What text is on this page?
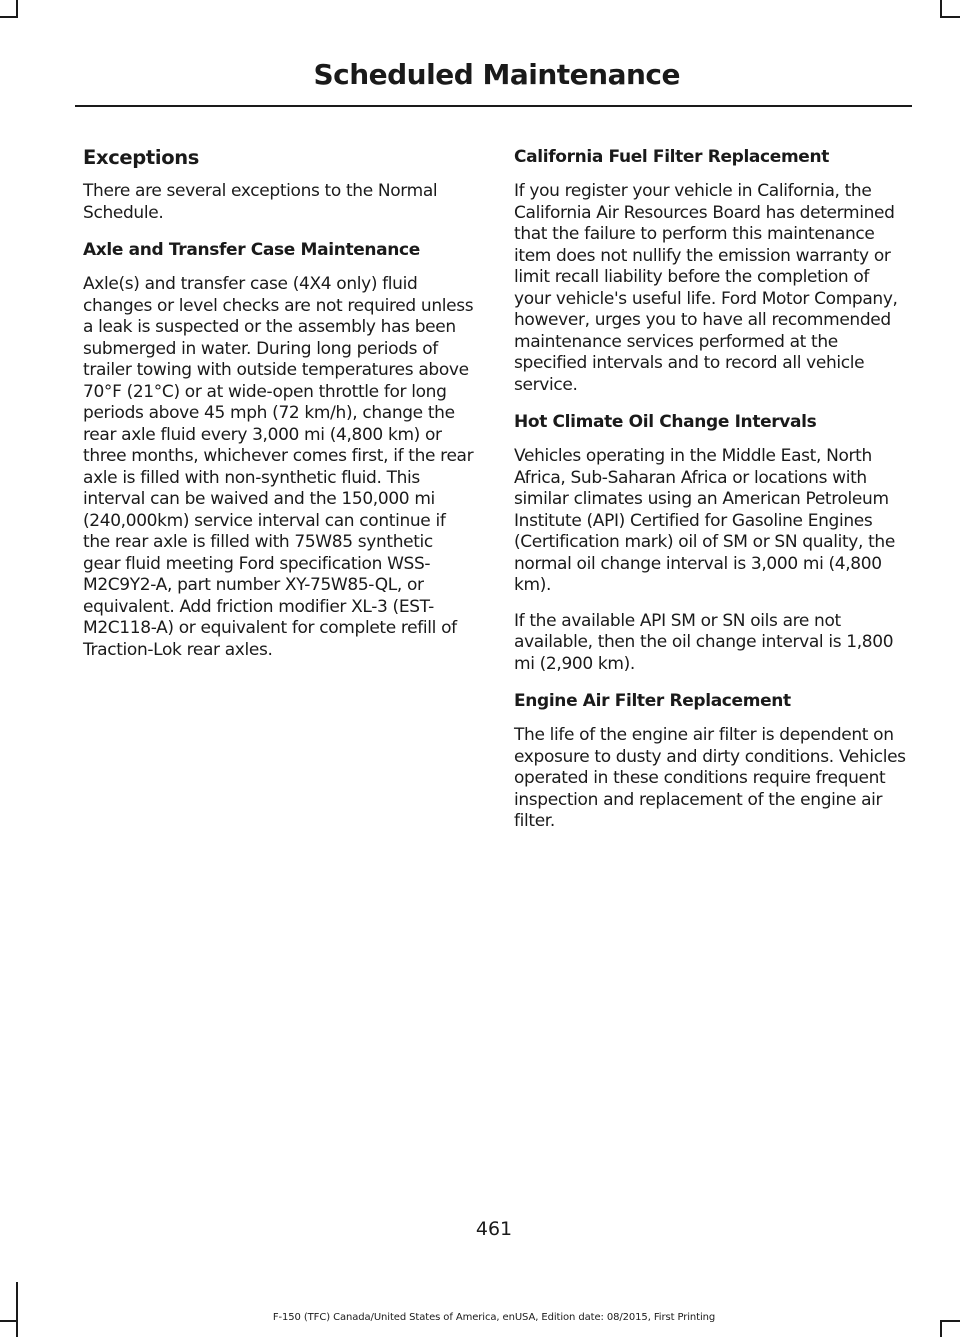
Scheduled Maintenance
Exceptions
There are several exceptions to the Normal Schedule.
Axle and Transfer Case Maintenance
Axle(s) and transfer case (4X4 only) fluid changes or level checks are not required unless a leak is suspected or the assembly has been submerged in water. During long periods of trailer towing with outside temperatures above 70°F (21°C) or at wide-open throttle for long periods above 45 mph (72 km/h), change the rear axle fluid every 3,000 mi (4,800 km) or three months, whichever comes first, if the rear axle is filled with non-synthetic fluid. This interval can be waived and the 150,000 mi (240,000km) service interval can continue if the rear axle is filled with 75W85 synthetic gear fluid meeting Ford specification WSS-M2C9Y2-A, part number XY-75W85-QL, or equivalent. Add friction modifier XL-3 (EST-M2C118-A) or equivalent for complete refill of Traction-Lok rear axles.
California Fuel Filter Replacement
If you register your vehicle in California, the California Air Resources Board has determined that the failure to perform this maintenance item does not nullify the emission warranty or limit recall liability before the completion of your vehicle's useful life. Ford Motor Company, however, urges you to have all recommended maintenance services performed at the specified intervals and to record all vehicle service.
Hot Climate Oil Change Intervals
Vehicles operating in the Middle East, North Africa, Sub-Saharan Africa or locations with similar climates using an American Petroleum Institute (API) Certified for Gasoline Engines (Certification mark) oil of SM or SN quality, the normal oil change interval is 3,000 mi (4,800 km).
If the available API SM or SN oils are not available, then the oil change interval is 1,800 mi (2,900 km).
Engine Air Filter Replacement
The life of the engine air filter is dependent on exposure to dusty and dirty conditions. Vehicles operated in these conditions require frequent inspection and replacement of the engine air filter.
461
F-150 (TFC) Canada/United States of America, enUSA, Edition date: 08/2015, First Printing
